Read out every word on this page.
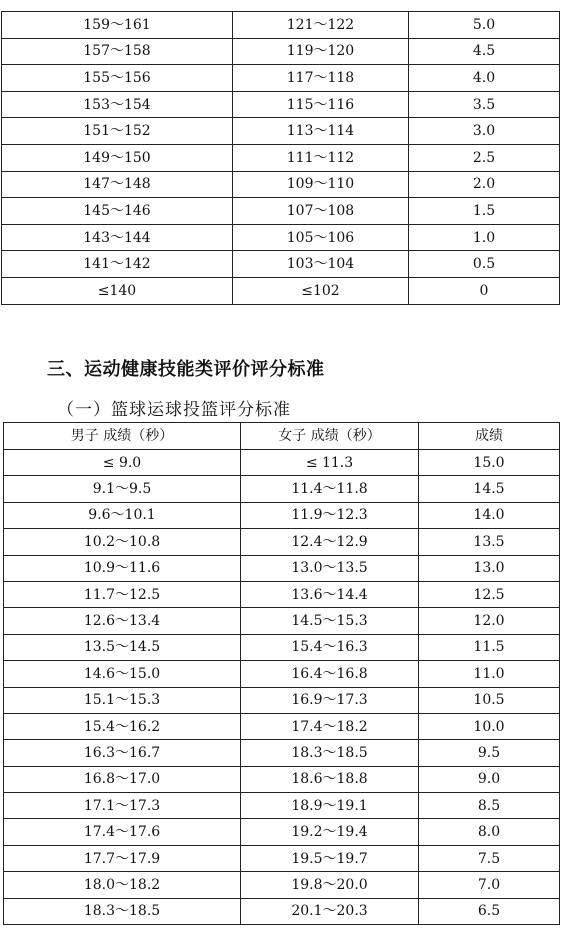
159～161	121～122	5.0
157～158	119～120	4.5
155～156	117～118	4.0
153～154	115～116	3.5
151～152	113～114	3.0
149～150	111～112	2.5
147～148	109～110	2.0
145～146	107～108	1.5
143～144	105～106	1.0
141～142	103～104	0.5
≤140	≤102	0
三、运动健康技能类评价评分标准
（一）篮球运球投篮评分标准
男子 成绩（秒）	女子 成绩（秒）	成绩
≤ 9.0	≤ 11.3	15.0
9.1～9.5	11.4～11.8	14.5
9.6～10.1	11.9～12.3	14.0
10.2～10.8	12.4～12.9	13.5
10.9～11.6	13.0～13.5	13.0
11.7～12.5	13.6～14.4	12.5
12.6～13.4	14.5～15.3	12.0
13.5～14.5	15.4～16.3	11.5
14.6～15.0	16.4～16.8	11.0
15.1～15.3	16.9～17.3	10.5
15.4～16.2	17.4～18.2	10.0
16.3～16.7	18.3～18.5	9.5
16.8～17.0	18.6～18.8	9.0
17.1～17.3	18.9～19.1	8.5
17.4～17.6	19.2～19.4	8.0
17.7～17.9	19.5～19.7	7.5
18.0～18.2	19.8～20.0	7.0
18.3～18.5	20.1～20.3	6.5
